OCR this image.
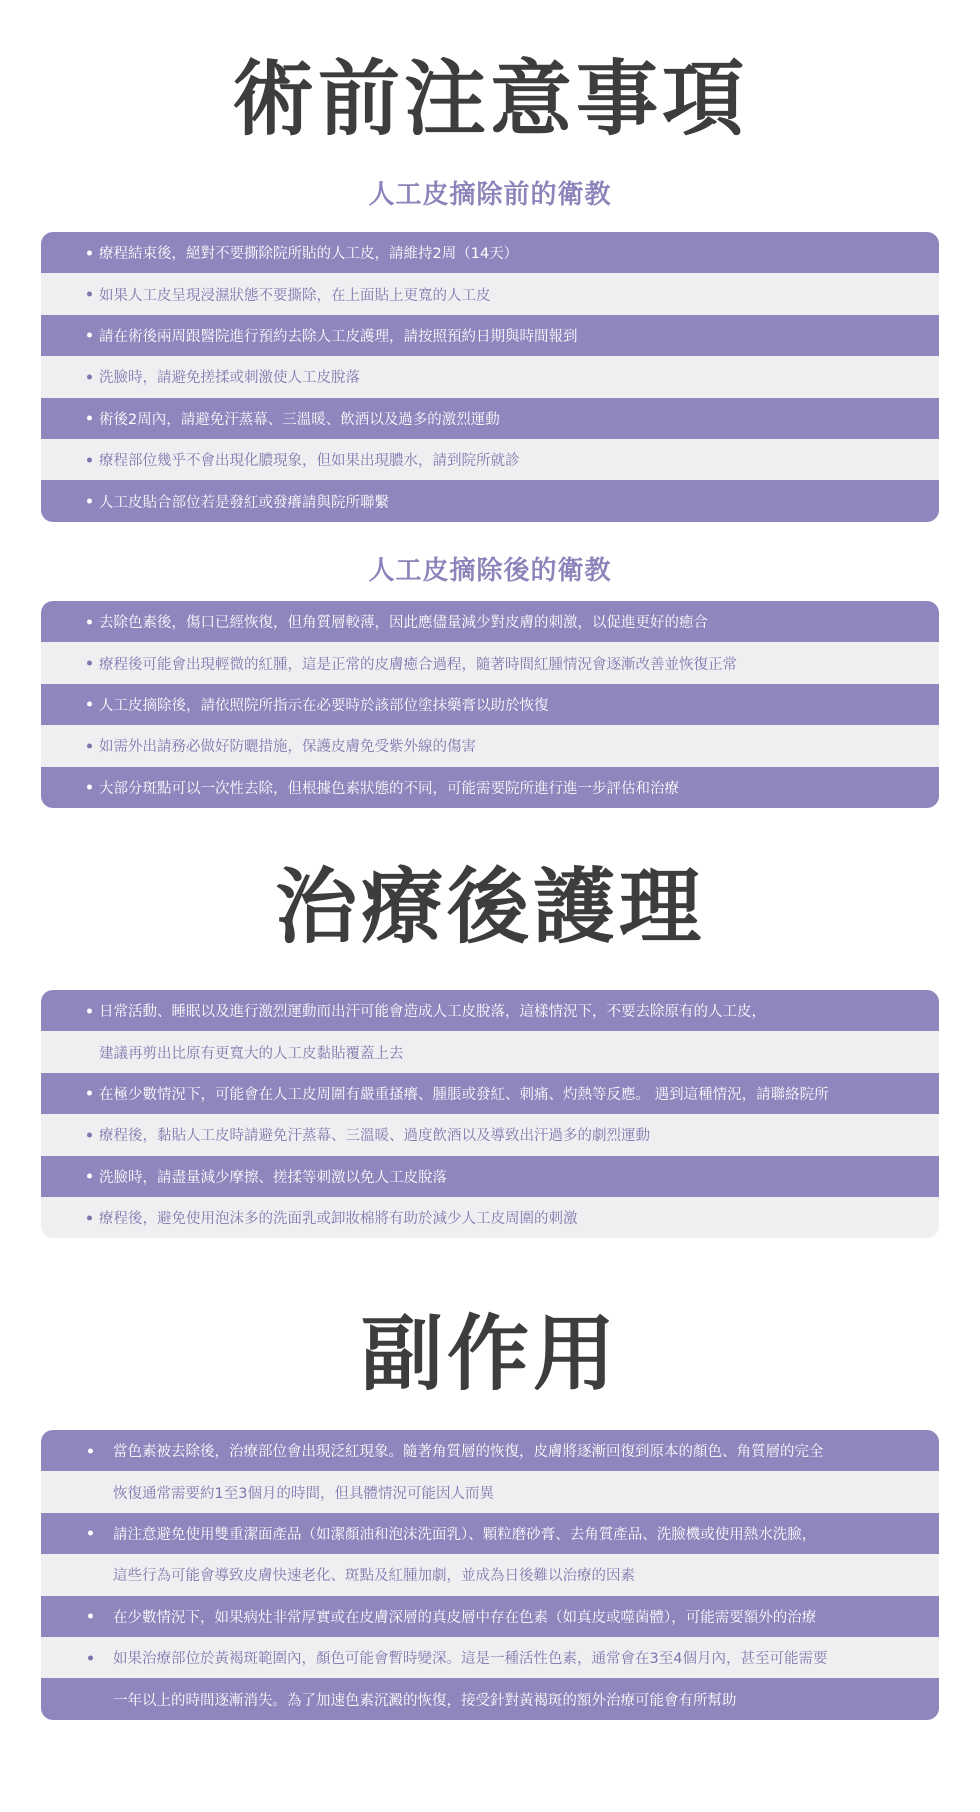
術前注意事項
人工皮摘除前的衛教
療程結束後，絕對不要撕除院所貼的人工皮，請維持2周（14天）
如果人工皮呈現浸濕狀態不要撕除，在上面貼上更寬的人工皮
請在術後兩周跟醫院進行預約去除人工皮護理，請按照預約日期與時間報到
洗臉時，請避免搓揉或刺激使人工皮脫落
術後2周內，請避免汗蒸幕、三溫暖、飲酒以及過多的激烈運動
療程部位幾乎不會出現化膿現象，但如果出現膿水，請到院所就診
人工皮貼合部位若是發紅或發癢請與院所聯繫
人工皮摘除後的衛教
去除色素後，傷口已經恢復，但角質層較薄，因此應儘量減少對皮膚的刺激，以促進更好的癒合
療程後可能會出現輕微的紅腫，這是正常的皮膚癒合過程，隨著時間紅腫情況會逐漸改善並恢復正常
人工皮摘除後，請依照院所指示在必要時於該部位塗抹藥膏以助於恢復
如需外出請務必做好防曬措施，保護皮膚免受紫外線的傷害
大部分斑點可以一次性去除，但根據色素狀態的不同，可能需要院所進行進一步評估和治療
治療後護理
日常活動、睡眠以及進行激烈運動而出汗可能會造成人工皮脫落，這樣情況下，不要去除原有的人工皮，
建議再剪出比原有更寬大的人工皮黏貼覆蓋上去
在極少數情況下，可能會在人工皮周圍有嚴重搔癢、腫脹或發紅、刺痛、灼熱等反應。 遇到這種情況，請聯絡院所
療程後，黏貼人工皮時請避免汗蒸幕、三溫暖、過度飲酒以及導致出汗過多的劇烈運動
洗臉時，請盡量減少摩擦、搓揉等刺激以免人工皮脫落
療程後，避免使用泡沫多的洗面乳或卸妝棉將有助於減少人工皮周圍的刺激
副作用
當色素被去除後，治療部位會出現泛紅現象。隨著角質層的恢復，皮膚將逐漸回復到原本的顏色、角質層的完全
恢復通常需要約1至3個月的時間，但具體情況可能因人而異
請注意避免使用雙重潔面產品（如潔顏油和泡沫洗面乳）、顆粒磨砂膏、去角質產品、洗臉機或使用熱水洗臉，
這些行為可能會導致皮膚快速老化、斑點及紅腫加劇，並成為日後難以治療的因素
在少數情況下，如果病灶非常厚實或在皮膚深層的真皮層中存在色素（如真皮或噬菌體），可能需要額外的治療
如果治療部位於黃褐斑範圍內，顏色可能會暫時變深。這是一種活性色素，通常會在3至4個月內，甚至可能需要
一年以上的時間逐漸消失。為了加速色素沉澱的恢復，接受針對黃褐斑的額外治療可能會有所幫助
